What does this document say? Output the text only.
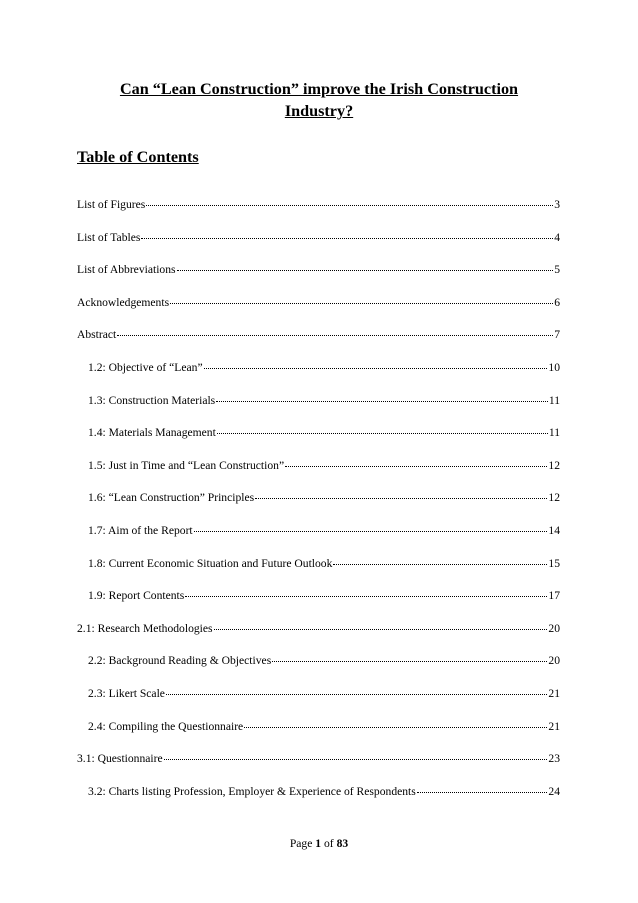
Can “Lean Construction” improve the Irish Construction
Industry?
Table of Contents
List of Figures	3
List of Tables	4
List of Abbreviations	5
Acknowledgements	6
Abstract	7
1.2: Objective of “Lean”	10
1.3: Construction Materials	11
1.4: Materials Management	11
1.5: Just in Time and “Lean Construction”	12
1.6: “Lean Construction” Principles	12
1.7: Aim of the Report	14
1.8: Current Economic Situation and Future Outlook	15
1.9: Report Contents	17
2.1: Research Methodologies	20
2.2: Background Reading & Objectives	20
2.3: Likert Scale	21
2.4: Compiling the Questionnaire	21
3.1: Questionnaire	23
3.2: Charts listing Profession, Employer & Experience of Respondents	24
Page 1 of 83
